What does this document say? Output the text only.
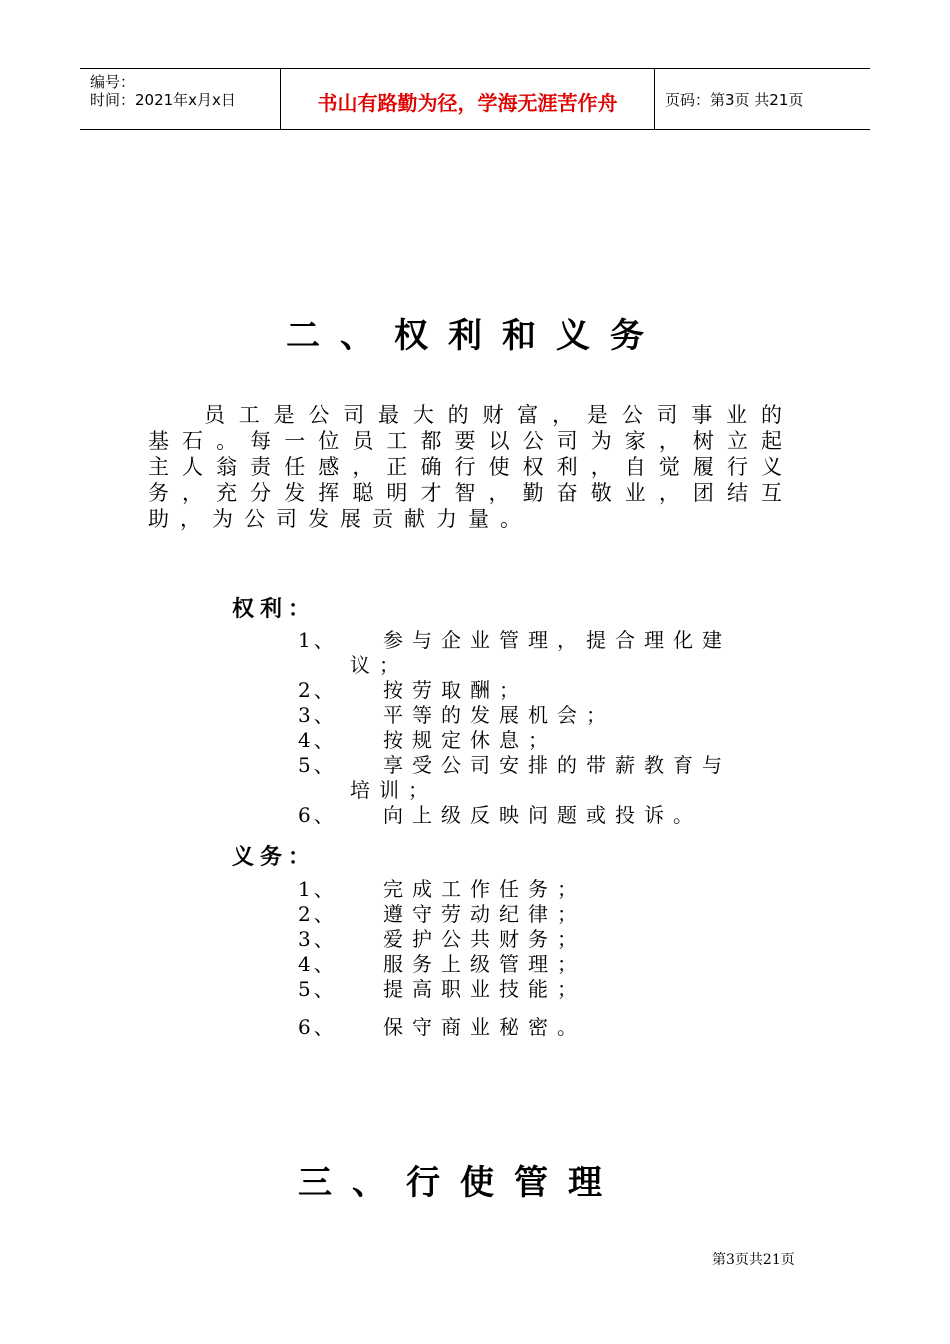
编号：
时间：2021年x月x日	书山有路勤为径，学海无涯苦作舟	页码：第3页 共21页
二、权利和义务
员工是公司最大的财富，是公司事业的
基石。每一位员工都要以公司为家，树立起
主人翁责任感，正确行使权利，自觉履行义
务，充分发挥聪明才智，勤奋敬业，团结互
助，为公司发展贡献力量。
权利：
1、 参与企业管理，提合理化建
议；
2、 按劳取酬；
3、 平等的发展机会；
4、 按规定休息；
5、 享受公司安排的带薪教育与
培训；
6、 向上级反映问题或投诉。
义务：
1、 完成工作任务；
2、 遵守劳动纪律；
3、 爱护公共财务；
4、 服务上级管理；
5、 提高职业技能；
6、 保守商业秘密。
三、行使管理
第3页共21页
